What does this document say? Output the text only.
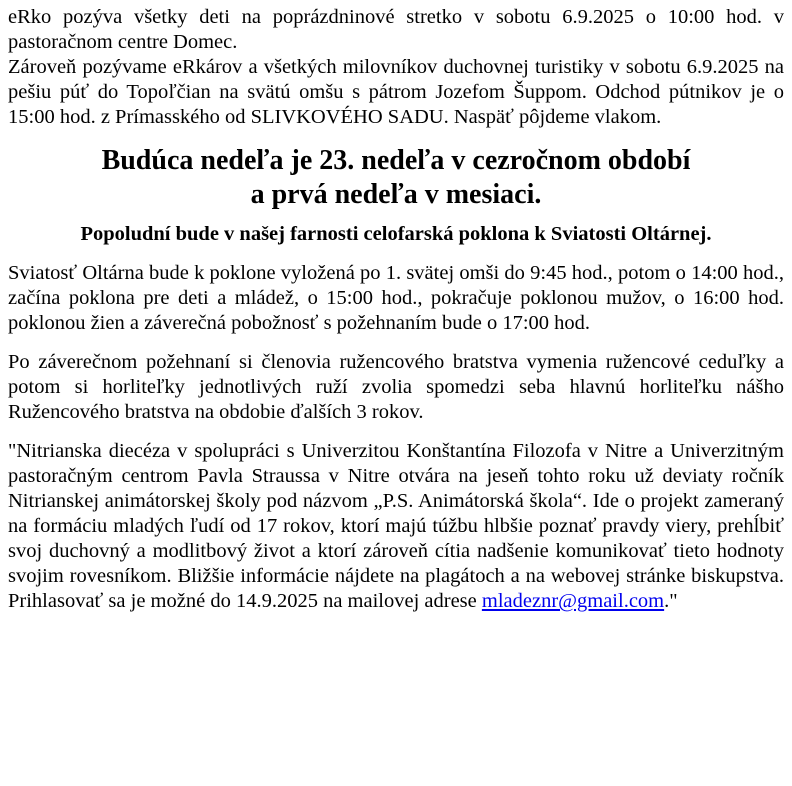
eRko pozýva všetky deti na poprázdninové stretko v sobotu 6.9.2025 o 10:00 hod. v pastoračnom centre Domec.

Zároveň pozývame eRkárov a všetkých milovníkov duchovnej turistiky v sobotu 6.9.2025 na pešiu púť do Topoľčian na svätú omšu s pátrom Jozefom Šuppom. Odchod pútnikov je o 15:00 hod. z Prímasského od SLIVKOVÉHO SADU. Naspäť pôjdeme vlakom.

Budúca nedeľa je 23. nedeľa v cezročnom období
a prvá nedeľa v mesiaci.
Popoludní bude v našej farnosti celofarská poklona k Sviatosti Oltárnej.

Sviatosť Oltárna bude k poklone vyložená po 1. svätej omši do 9:45 hod., potom o 14:00 hod., začína poklona pre deti a mládež, o 15:00 hod., pokračuje poklonou mužov, o 16:00 hod. poklonou žien a záverečná pobožnosť s požehnaním bude o 17:00 hod.

Po záverečnom požehnaní si členovia ružencového bratstva vymenia ružencové ceduľky a potom si horliteľky jednotlivých ruží zvolia spomedzi seba hlavnú horliteľku nášho Ružencového bratstva na obdobie ďalších 3 rokov.

"Nitrianska diecéza v spolupráci s Univerzitou Konštantína Filozofa v Nitre a Univerzitným pastoračným centrom Pavla Straussa v Nitre otvára na jeseň tohto roku už deviaty ročník Nitrianskej animátorskej školy pod názvom „P.S. Animátorská škola“. Ide o projekt zameraný na formáciu mladých ľudí od 17 rokov, ktorí majú túžbu hlbšie poznať pravdy viery, prehĺbiť svoj duchovný a modlitbový život a ktorí zároveň cítia nadšenie komunikovať tieto hodnoty svojim rovesníkom. Bližšie informácie nájdete na plagátoch a na webovej stránke biskupstva. Prihlasovať sa je možné do 14.9.2025 na mailovej adrese mladeznr@gmail.com."
